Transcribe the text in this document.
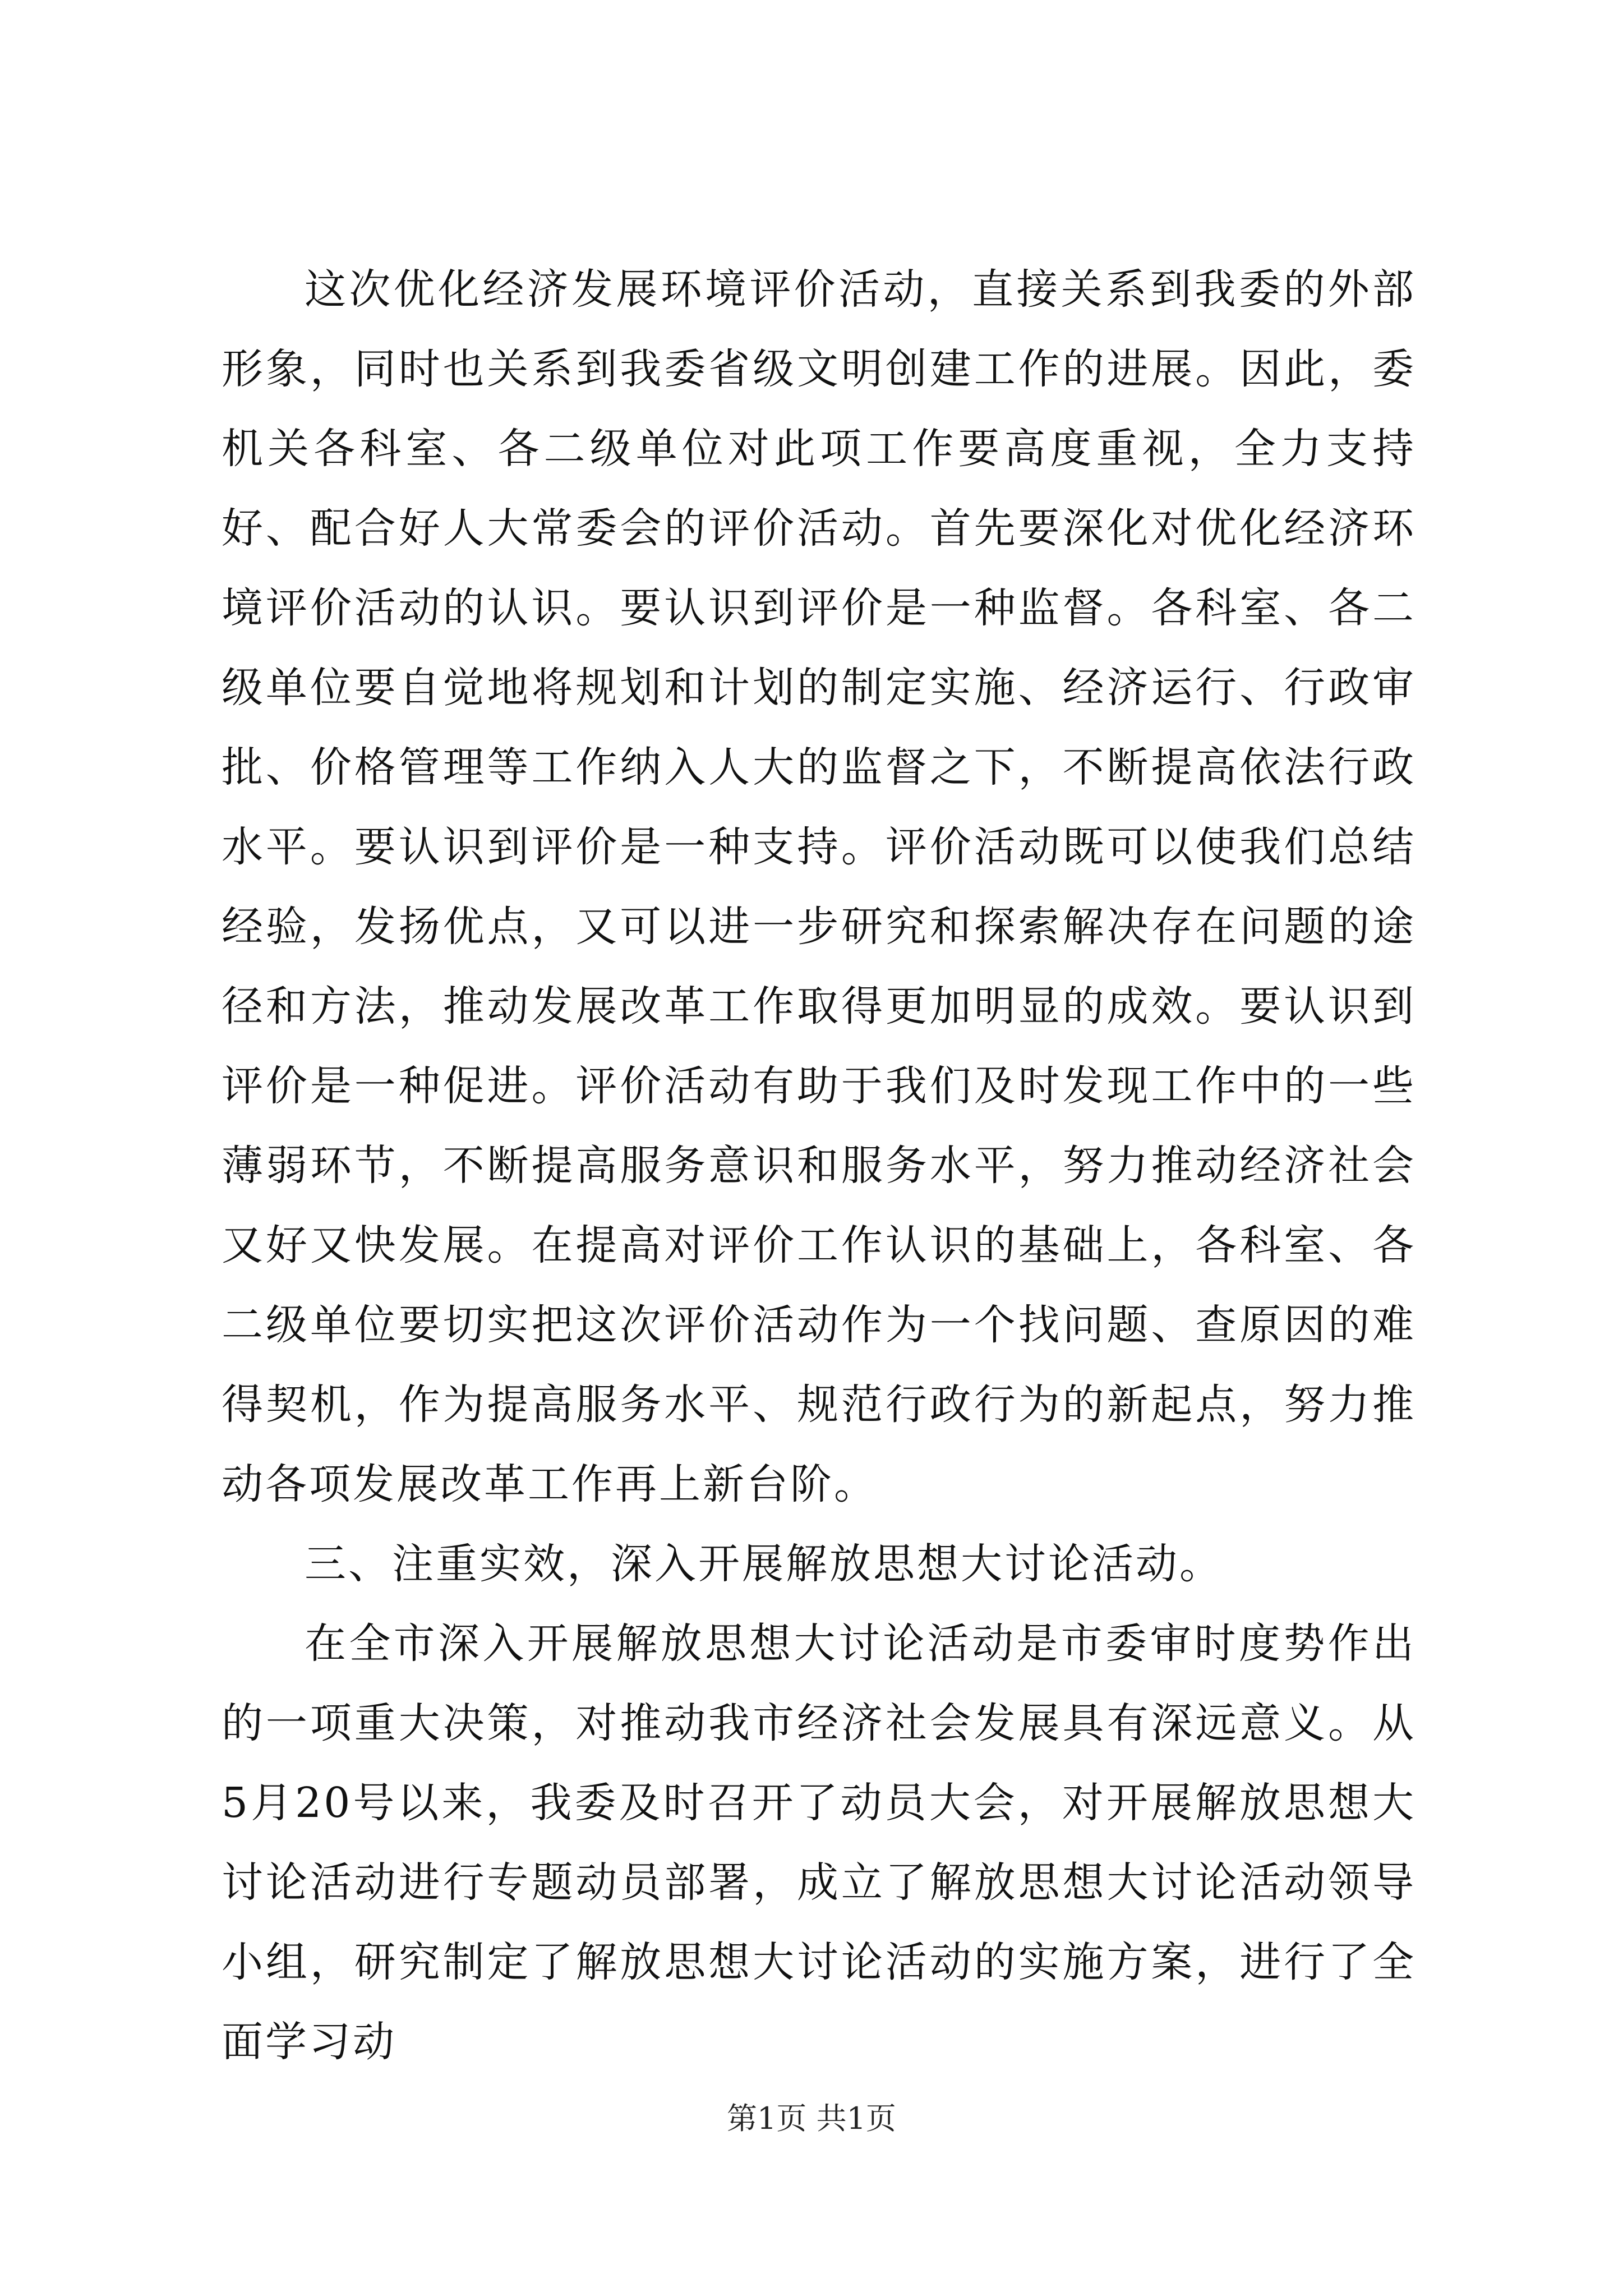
这次优化经济发展环境评价活动，直接关系到我委的外部形象，同时也关系到我委省级文明创建工作的进展。因此，委机关各科室、各二级单位对此项工作要高度重视，全力支持好、配合好人大常委会的评价活动。首先要深化对优化经济环境评价活动的认识。要认识到评价是一种监督。各科室、各二级单位要自觉地将规划和计划的制定实施、经济运行、行政审批、价格管理等工作纳入人大的监督之下，不断提高依法行政水平。要认识到评价是一种支持。评价活动既可以使我们总结经验，发扬优点，又可以进一步研究和探索解决存在问题的途径和方法，推动发展改革工作取得更加明显的成效。要认识到评价是一种促进。评价活动有助于我们及时发现工作中的一些薄弱环节，不断提高服务意识和服务水平，努力推动经济社会又好又快发展。在提高对评价工作认识的基础上，各科室、各二级单位要切实把这次评价活动作为一个找问题、查原因的难得契机，作为提高服务水平、规范行政行为的新起点，努力推动各项发展改革工作再上新台阶。

三、注重实效，深入开展解放思想大讨论活动。

在全市深入开展解放思想大讨论活动是市委审时度势作出的一项重大决策，对推动我市经济社会发展具有深远意义。从5月20号以来，我委及时召开了动员大会，对开展解放思想大讨论活动进行专题动员部署，成立了解放思想大讨论活动领导小组，研究制定了解放思想大讨论活动的实施方案，进行了全面学习动

第1页 共1页
